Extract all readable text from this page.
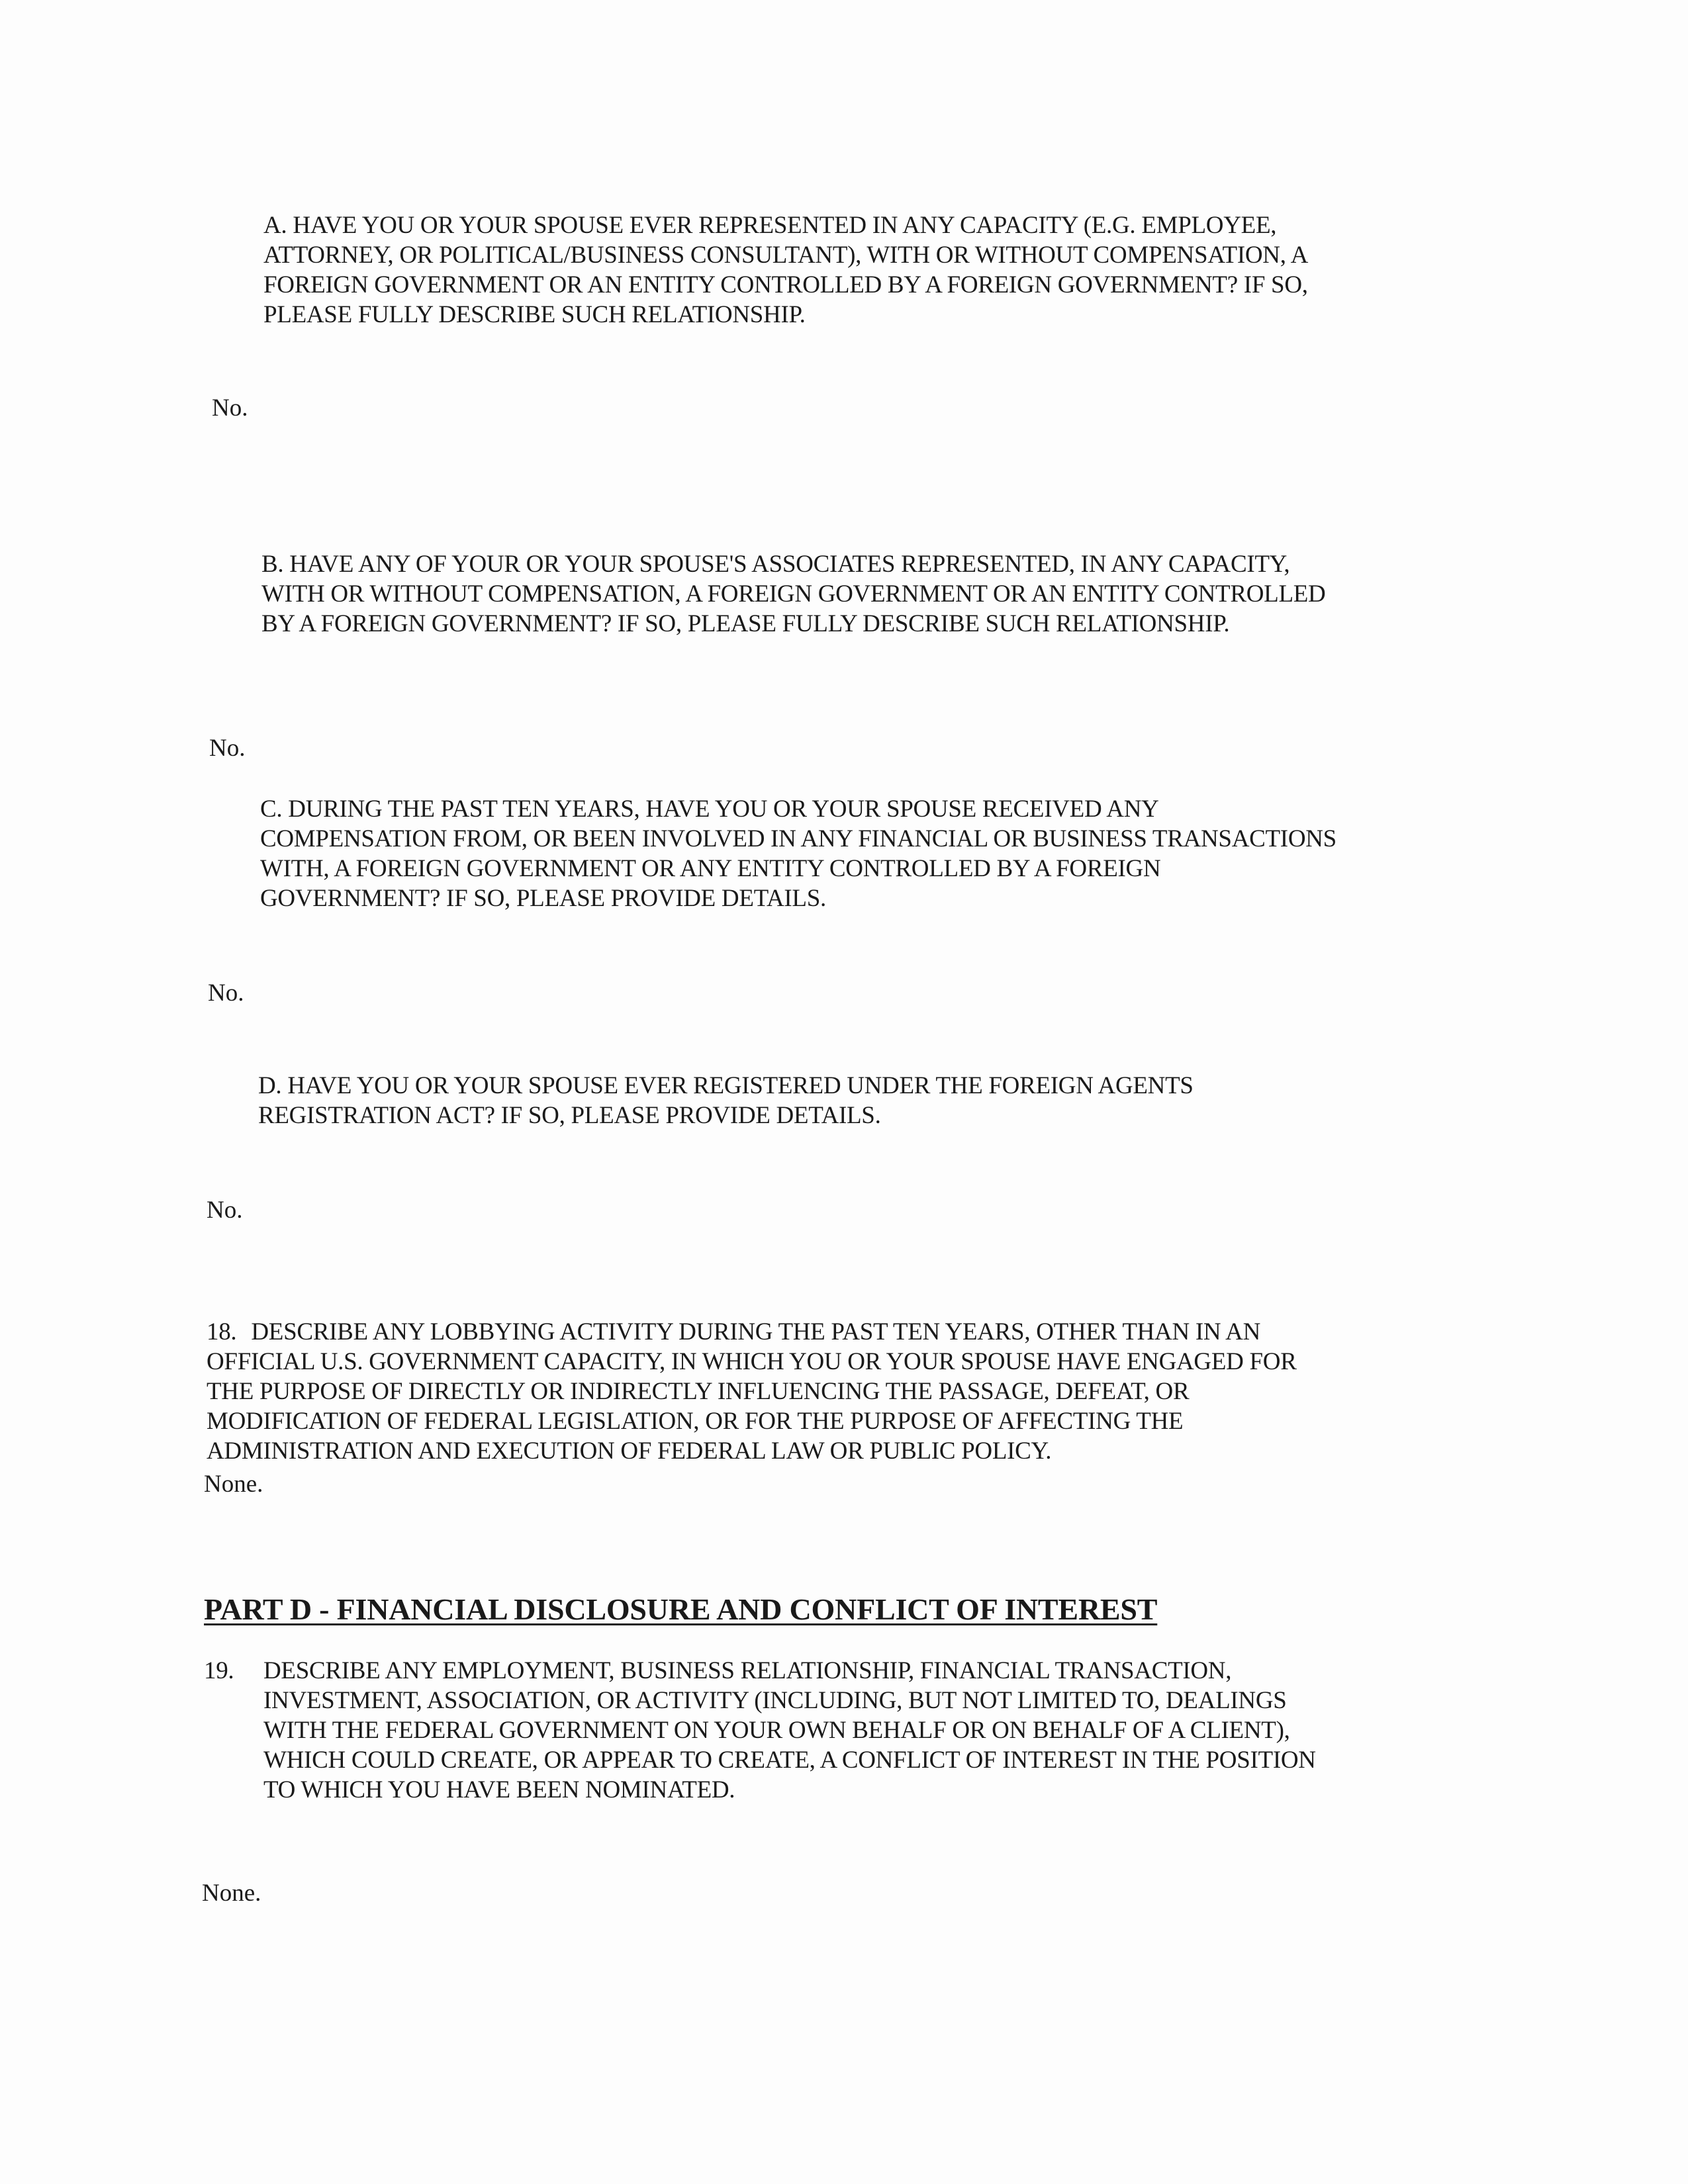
A. HAVE YOU OR YOUR SPOUSE EVER REPRESENTED IN ANY CAPACITY (E.G. EMPLOYEE,
ATTORNEY, OR POLITICAL/BUSINESS CONSULTANT), WITH OR WITHOUT COMPENSATION, A
FOREIGN GOVERNMENT OR AN ENTITY CONTROLLED BY A FOREIGN GOVERNMENT? IF SO,
PLEASE FULLY DESCRIBE SUCH RELATIONSHIP.
No.
B. HAVE ANY OF YOUR OR YOUR SPOUSE'S ASSOCIATES REPRESENTED, IN ANY CAPACITY,
WITH OR WITHOUT COMPENSATION, A FOREIGN GOVERNMENT OR AN ENTITY CONTROLLED
BY A FOREIGN GOVERNMENT? IF SO, PLEASE FULLY DESCRIBE SUCH RELATIONSHIP.
No.
C. DURING THE PAST TEN YEARS, HAVE YOU OR YOUR SPOUSE RECEIVED ANY
COMPENSATION FROM, OR BEEN INVOLVED IN ANY FINANCIAL OR BUSINESS TRANSACTIONS
WITH, A FOREIGN GOVERNMENT OR ANY ENTITY CONTROLLED BY A FOREIGN
GOVERNMENT? IF SO, PLEASE PROVIDE DETAILS.
No.
D. HAVE YOU OR YOUR SPOUSE EVER REGISTERED UNDER THE FOREIGN AGENTS
REGISTRATION ACT? IF SO, PLEASE PROVIDE DETAILS.
No.

18. DESCRIBE ANY LOBBYING ACTIVITY DURING THE PAST TEN YEARS, OTHER THAN IN AN
OFFICIAL U.S. GOVERNMENT CAPACITY, IN WHICH YOU OR YOUR SPOUSE HAVE ENGAGED FOR
THE PURPOSE OF DIRECTLY OR INDIRECTLY INFLUENCING THE PASSAGE, DEFEAT, OR
MODIFICATION OF FEDERAL LEGISLATION, OR FOR THE PURPOSE OF AFFECTING THE
ADMINISTRATION AND EXECUTION OF FEDERAL LAW OR PUBLIC POLICY.

None.
PART D - FINANCIAL DISCLOSURE AND CONFLICT OF INTEREST
19. DESCRIBE ANY EMPLOYMENT, BUSINESS RELATIONSHIP, FINANCIAL TRANSACTION,
INVESTMENT, ASSOCIATION, OR ACTIVITY (INCLUDING, BUT NOT LIMITED TO, DEALINGS
WITH THE FEDERAL GOVERNMENT ON YOUR OWN BEHALF OR ON BEHALF OF A CLIENT),
WHICH COULD CREATE, OR APPEAR TO CREATE, A CONFLICT OF INTEREST IN THE POSITION
TO WHICH YOU HAVE BEEN NOMINATED.
None.
